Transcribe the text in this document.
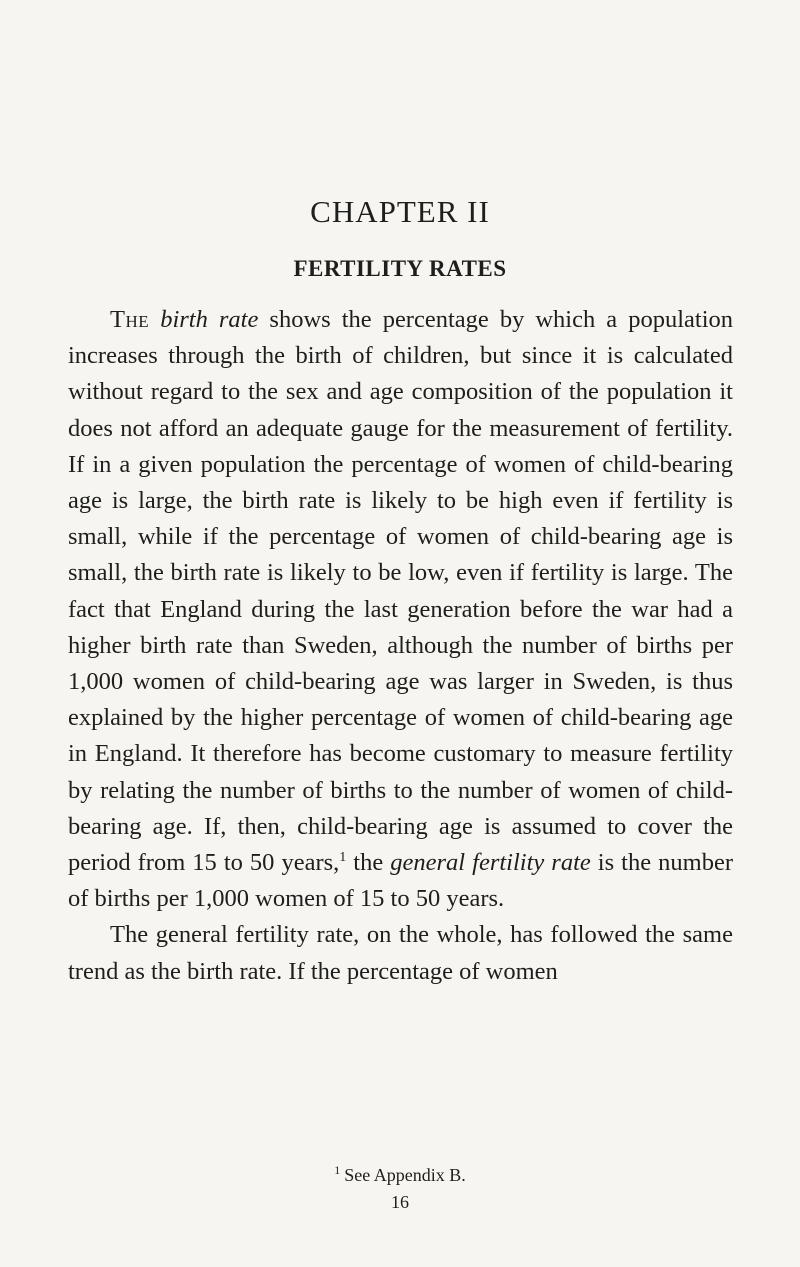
CHAPTER II
FERTILITY RATES

The birth rate shows the percentage by which a population increases through the birth of children, but since it is calculated without regard to the sex and age composition of the population it does not afford an adequate gauge for the measurement of fertility. If in a given population the percentage of women of child-bearing age is large, the birth rate is likely to be high even if fertility is small, while if the percentage of women of child-bearing age is small, the birth rate is likely to be low, even if fertility is large. The fact that England during the last generation before the war had a higher birth rate than Sweden, although the number of births per 1,000 women of child-bearing age was larger in Sweden, is thus explained by the higher percentage of women of child-bearing age in England. It therefore has become customary to measure fertility by relating the number of births to the number of women of child-bearing age. If, then, child-bearing age is assumed to cover the period from 15 to 50 years,$^1$ the general fertility rate is the number of births per 1,000 women of 15 to 50 years.

The general fertility rate, on the whole, has followed the same trend as the birth rate. If the percentage of women

$^1$ See Appendix B.
16
